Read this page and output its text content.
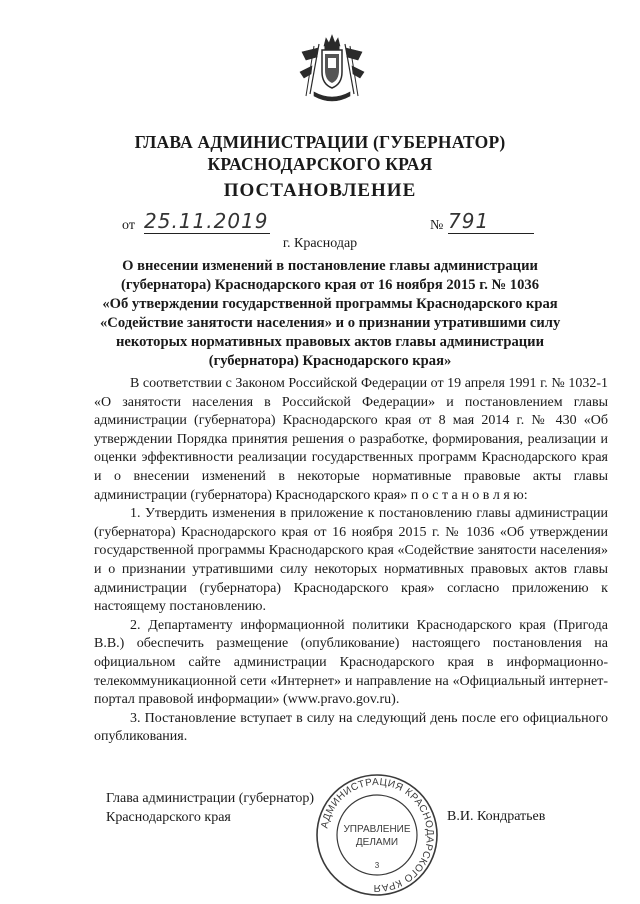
ГЛАВА АДМИНИСТРАЦИИ (ГУБЕРНАТОР)
КРАСНОДАРСКОГО КРАЯ
ПОСТАНОВЛЕНИЕ
от 25.11.2019	№ 791
г. Краснодар
О внесении изменений в постановление главы администрации
(губернатора) Краснодарского края от 16 ноября 2015 г. № 1036
«Об утверждении государственной программы Краснодарского края
«Содействие занятости населения» и о признании утратившими силу
некоторых нормативных правовых актов главы администрации
(губернатора) Краснодарского края»

В соответствии с Законом Российской Федерации от 19 апреля 1991 г. № 1032-1 «О занятости населения в Российской Федерации» и постановлением главы администрации (губернатора) Краснодарского края от 8 мая 2014 г. № 430 «Об утверждении Порядка принятия решения о разработке, формирования, реализации и оценки эффективности реализации государственных программ Краснодарского края и о внесении изменений в некоторые нормативные правовые акты главы администрации (губернатора) Краснодарского края» п о с т а н о в л я ю:

1. Утвердить изменения в приложение к постановлению главы администрации (губернатора) Краснодарского края от 16 ноября 2015 г. № 1036 «Об утверждении государственной программы Краснодарского края «Содействие занятости населения» и о признании утратившими силу некоторых нормативных правовых актов главы администрации (губернатора) Краснодарского края» согласно приложению к настоящему постановлению.

2. Департаменту информационной политики Краснодарского края (Пригода В.В.) обеспечить размещение (опубликование) настоящего постановления на официальном сайте администрации Краснодарского края в информационно-телекоммуникационной сети «Интернет» и направление на «Официальный интернет-портал правовой информации» (www.pravo.gov.ru).

3. Постановление вступает в силу на следующий день после его официального опубликования.

Глава администрации (губернатор)
Краснодарского края	В.И. Кондратьев
АДМИНИСТРАЦИЯ КРАСНОДАРСКОГО КРАЯ
УПРАВЛЕНИЕ
ДЕЛАМИ
3
